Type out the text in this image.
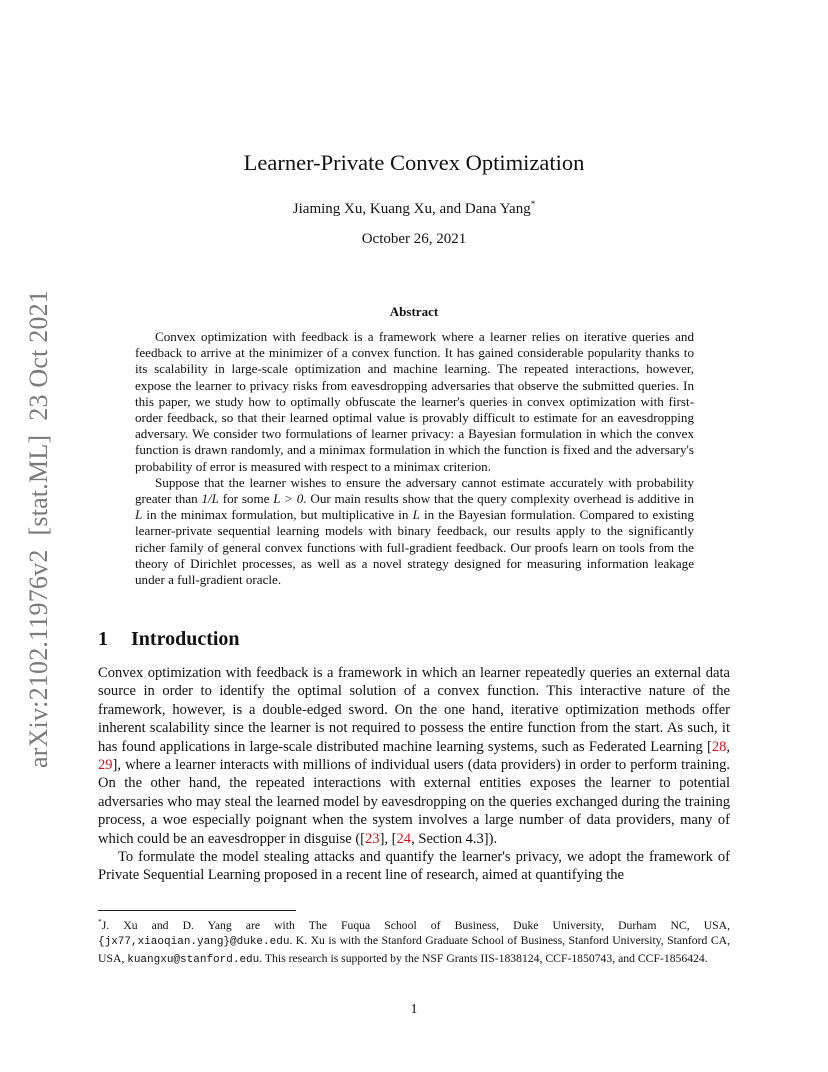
arXiv:2102.11976v2[stat.ML]23 Oct 2021
Learner-Private Convex Optimization
Jiaming Xu, Kuang Xu, and Dana Yang*
October 26, 2021
Abstract

Convex optimization with feedback is a framework where a learner relies on iterative queries and feedback to arrive at the minimizer of a convex function. It has gained considerable popularity thanks to its scalability in large-scale optimization and machine learning. The repeated interactions, however, expose the learner to privacy risks from eavesdropping adversaries that observe the submitted queries. In this paper, we study how to optimally obfuscate the learner's queries in convex optimization with first-order feedback, so that their learned optimal value is provably difficult to estimate for an eavesdropping adversary. We consider two formulations of learner privacy: a Bayesian formulation in which the convex function is drawn randomly, and a minimax formulation in which the function is fixed and the adversary's probability of error is measured with respect to a minimax criterion.

Suppose that the learner wishes to ensure the adversary cannot estimate accurately with probability greater than 1/L for some L > 0. Our main results show that the query complexity overhead is additive in L in the minimax formulation, but multiplicative in L in the Bayesian formulation. Compared to existing learner-private sequential learning models with binary feedback, our results apply to the significantly richer family of general convex functions with full-gradient feedback. Our proofs learn on tools from the theory of Dirichlet processes, as well as a novel strategy designed for measuring information leakage under a full-gradient oracle.

1 Introduction

Convex optimization with feedback is a framework in which an learner repeatedly queries an external data source in order to identify the optimal solution of a convex function. This interactive nature of the framework, however, is a double-edged sword. On the one hand, iterative optimization methods offer inherent scalability since the learner is not required to possess the entire function from the start. As such, it has found applications in large-scale distributed machine learning systems, such as Federated Learning [28, 29], where a learner interacts with millions of individual users (data providers) in order to perform training. On the other hand, the repeated interactions with external entities exposes the learner to potential adversaries who may steal the learned model by eavesdropping on the queries exchanged during the training process, a woe especially poignant when the system involves a large number of data providers, many of which could be an eavesdropper in disguise ([23], [24, Section 4.3]).

To formulate the model stealing attacks and quantify the learner's privacy, we adopt the framework of Private Sequential Learning proposed in a recent line of research, aimed at quantifying the

*J. Xu and D. Yang are with The Fuqua School of Business, Duke University, Durham NC, USA, {jx77,xiaoqian.yang}@duke.edu. K. Xu is with the Stanford Graduate School of Business, Stanford University, Stanford CA, USA, kuangxu@stanford.edu. This research is supported by the NSF Grants IIS-1838124, CCF-1850743, and CCF-1856424.
1
